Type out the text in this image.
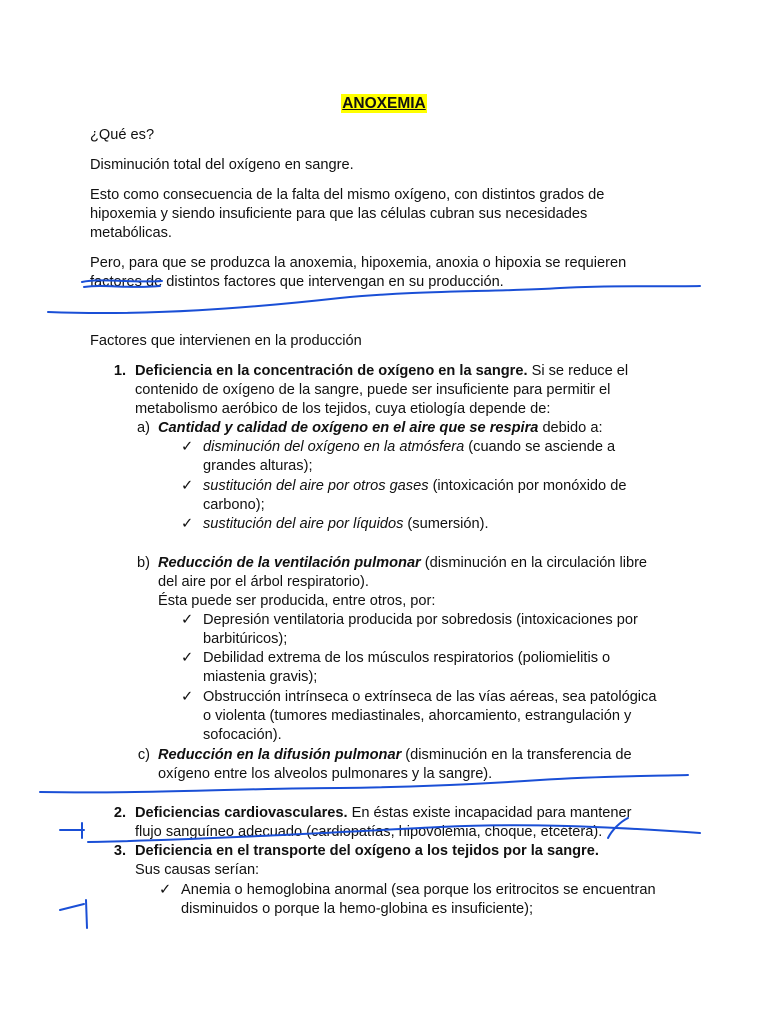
ANOXEMIA

¿Qué es?

Disminución total del oxígeno en sangre.

Esto como consecuencia de la falta del mismo oxígeno, con distintos grados de

hipoxemia y siendo insuficiente para que las células cubran sus necesidades

metabólicas.

Pero, para que se produzca la anoxemia, hipoxemia, anoxia o hipoxia se requieren

factores de distintos factores que intervengan en su producción.

Factores que intervienen en la producción

1. Deficiencia en la concentración de oxígeno en la sangre. Si se reduce el

contenido de oxígeno de la sangre, puede ser insuficiente para permitir el

metabolismo aeróbico de los tejidos, cuya etiología depende de:

a) Cantidad y calidad de oxígeno en el aire que se respira debido a:

✓ disminución del oxígeno en la atmósfera (cuando se asciende a

grandes alturas);

✓ sustitución del aire por otros gases (intoxicación por monóxido de

carbono);

✓ sustitución del aire por líquidos (sumersión).

b) Reducción de la ventilación pulmonar (disminución en la circulación libre

del aire por el árbol respiratorio).

Ésta puede ser producida, entre otros, por:

✓ Depresión ventilatoria producida por sobredosis (intoxicaciones por

barbitúricos);

✓ Debilidad extrema de los músculos respiratorios (poliomielitis o

miastenia gravis);

✓ Obstrucción intrínseca o extrínseca de las vías aéreas, sea patológica

o violenta (tumores mediastinales, ahorcamiento, estrangulación y

sofocación).

c) Reducción en la difusión pulmonar (disminución en la transferencia de

oxígeno entre los alveolos pulmonares y la sangre).

2. Deficiencias cardiovasculares. En éstas existe incapacidad para mantener

flujo sanguíneo adecuado (cardiopatías, hipovolemia, choque, etcétera).

3. Deficiencia en el transporte del oxígeno a los tejidos por la sangre.

Sus causas serían:

✓ Anemia o hemoglobina anormal (sea porque los eritrocitos se encuentran

disminuidos o porque la hemo-globina es insuficiente);
